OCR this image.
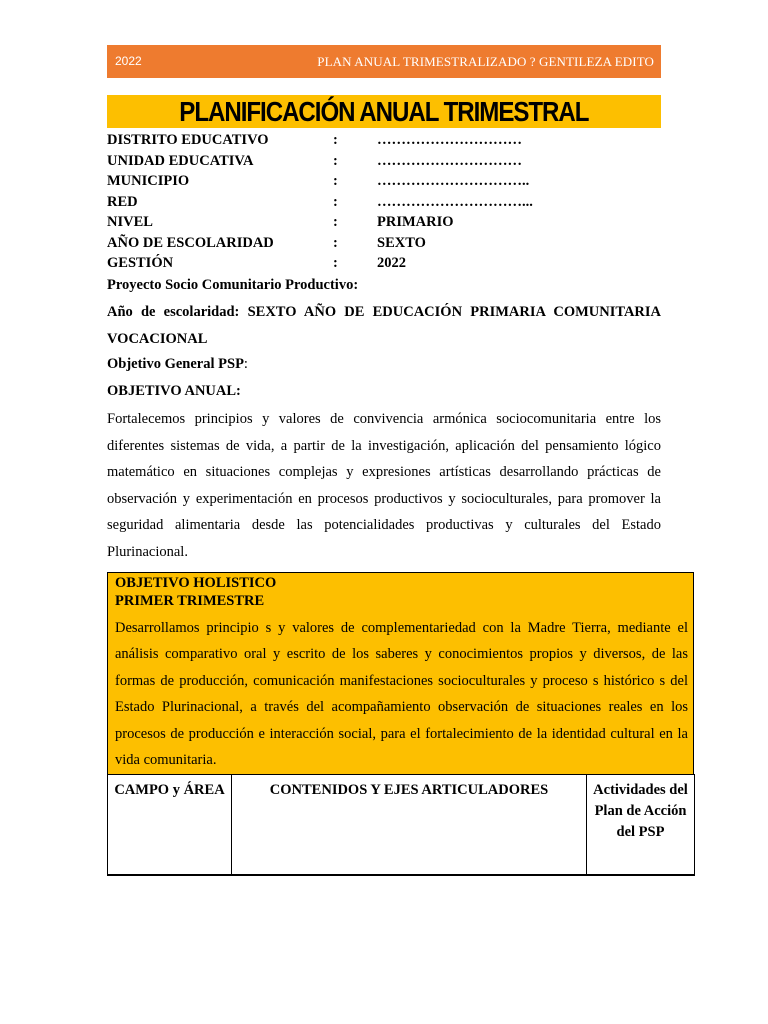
2022	PLAN ANUAL TRIMESTRALIZADO ? GENTILEZA EDITO
PLANIFICACIÓN ANUAL TRIMESTRAL
DISTRITO EDUCATIVO	:	…………………………
UNIDAD EDUCATIVA	:	…………………………
MUNICIPIO	:	…………………………..
RED	:	…………………………...
NIVEL	:	PRIMARIO
AÑO DE ESCOLARIDAD	:	SEXTO
GESTIÓN	:	2022
Proyecto Socio Comunitario Productivo:
Año de escolaridad: SEXTO AÑO DE EDUCACIÓN PRIMARIA COMUNITARIA VOCACIONAL
Objetivo General PSP:
OBJETIVO ANUAL:
Fortalecemos principios y valores de convivencia armónica sociocomunitaria entre los diferentes sistemas de vida, a partir de la investigación, aplicación del pensamiento lógico matemático en situaciones complejas y expresiones artísticas desarrollando prácticas de observación y experimentación en procesos productivos y socioculturales, para promover la seguridad alimentaria desde las potencialidades productivas y culturales del Estado Plurinacional.
OBJETIVO HOLISTICO
PRIMER TRIMESTRE
Desarrollamos principio s y valores de complementariedad con la Madre Tierra, mediante el análisis comparativo oral y escrito de los saberes y conocimientos propios y diversos, de las formas de producción, comunicación manifestaciones socioculturales y proceso s histórico s del Estado Plurinacional, a través del acompañamiento observación de situaciones reales en los procesos de producción e interacción social, para el fortalecimiento de la identidad cultural en la vida comunitaria.
CAMPO y ÁREA	CONTENIDOS Y EJES ARTICULADORES	Actividades del Plan de Acción del PSP
